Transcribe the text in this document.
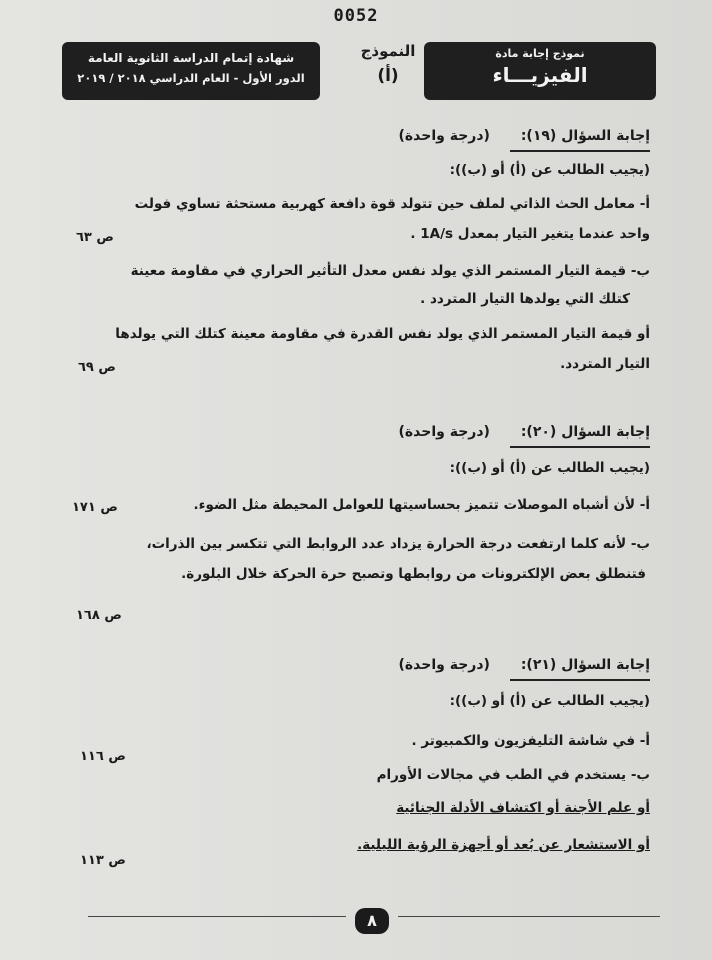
0052
شهادة إتمام الدراسة الثانوية العامة
الدور الأول - العام الدراسي ٢٠١٨ / ٢٠١٩
النموذج
(أ)
نموذج إجابة مادة
الفيزيـــاء
إجابة السؤال (١٩): (درجة واحدة)
(يجيب الطالب عن (أ) أو (ب)):
أ- معامل الحث الذاتي لملف حين تتولد قوة دافعة كهربية مستحثة تساوي فولت
واحد عندما يتغير التيار بمعدل 1A/s .
ص ٦٣
ب- قيمة التيار المستمر الذي يولد نفس معدل التأثير الحراري في مقاومة معينة
كتلك التي يولدها التيار المتردد .
أو قيمة التيار المستمر الذي يولد نفس القدرة في مقاومة معينة كتلك التي يولدها
التيار المتردد.
ص ٦٩
إجابة السؤال (٢٠): (درجة واحدة)
(يجيب الطالب عن (أ) أو (ب)):
أ- لأن أشباه الموصلات تتميز بحساسيتها للعوامل المحيطة مثل الضوء.
ص ١٧١
ب- لأنه كلما ارتفعت درجة الحرارة يزداد عدد الروابط التي تتكسر بين الذرات،
فتنطلق بعض الإلكترونات من روابطها وتصبح حرة الحركة خلال البلورة.
ص ١٦٨
إجابة السؤال (٢١): (درجة واحدة)
(يجيب الطالب عن (أ) أو (ب)):
أ- في شاشة التليفزيون والكمبيوتر .
ص ١١٦
ب- يستخدم في الطب في مجالات الأورام
أو علم الأجنة أو اكتشاف الأدلة الجنائية
أو الاستشعار عن بُعد أو أجهزة الرؤية الليلية.
ص ١١٣
٨
